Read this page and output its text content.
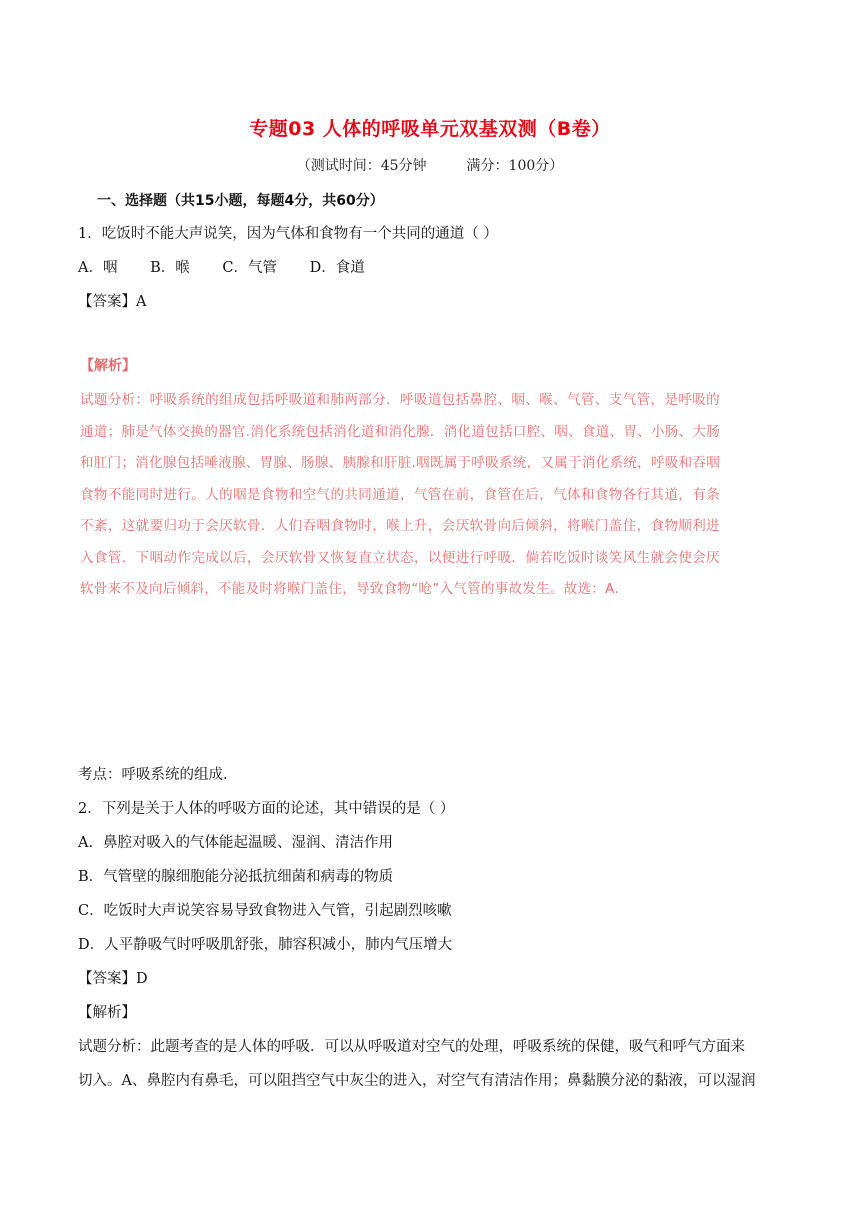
专题03 人体的呼吸单元双基双测（B卷）
（测试时间：45分钟	满分：100分）
一、选择题（共15小题，每题4分，共60分）
1．吃饭时不能大声说笑，因为气体和食物有一个共同的通道（ ）
A．咽 B．喉 C．气管 D．食道
【答案】A
【解析】
试题分析：呼吸系统的组成包括呼吸道和肺两部分．呼吸道包括鼻腔、咽、喉、气管、支气管，是呼吸的通道；肺是气体交换的器官.消化系统包括消化道和消化腺．消化道包括口腔、咽、食道、胃、小肠、大肠和肛门；消化腺包括唾液腺、胃腺、肠腺、胰腺和肝脏.咽既属于呼吸系统，又属于消化系统，呼吸和吞咽食物不能同时进行。人的咽是食物和空气的共同通道，气管在前，食管在后，气体和食物各行其道，有条不紊，这就要归功于会厌软骨．人们吞咽食物时，喉上升，会厌软骨向后倾斜，将喉门盖住，食物顺利进入食管．下咽动作完成以后，会厌软骨又恢复直立状态，以便进行呼吸．倘若吃饭时谈笑风生就会使会厌软骨来不及向后倾斜，不能及时将喉门盖住，导致食物“呛”入气管的事故发生。故选：A.
考点：呼吸系统的组成.
2．下列是关于人体的呼吸方面的论述，其中错误的是（ ）
A．鼻腔对吸入的气体能起温暖、湿润、清洁作用
B．气管壁的腺细胞能分泌抵抗细菌和病毒的物质
C．吃饭时大声说笑容易导致食物进入气管，引起剧烈咳嗽
D．人平静吸气时呼吸肌舒张，肺容积减小，肺内气压增大
【答案】D
【解析】
试题分析：此题考查的是人体的呼吸．可以从呼吸道对空气的处理，呼吸系统的保健，吸气和呼气方面来
切入。A、鼻腔内有鼻毛，可以阻挡空气中灰尘的进入，对空气有清洁作用；鼻黏膜分泌的黏液，可以湿润
